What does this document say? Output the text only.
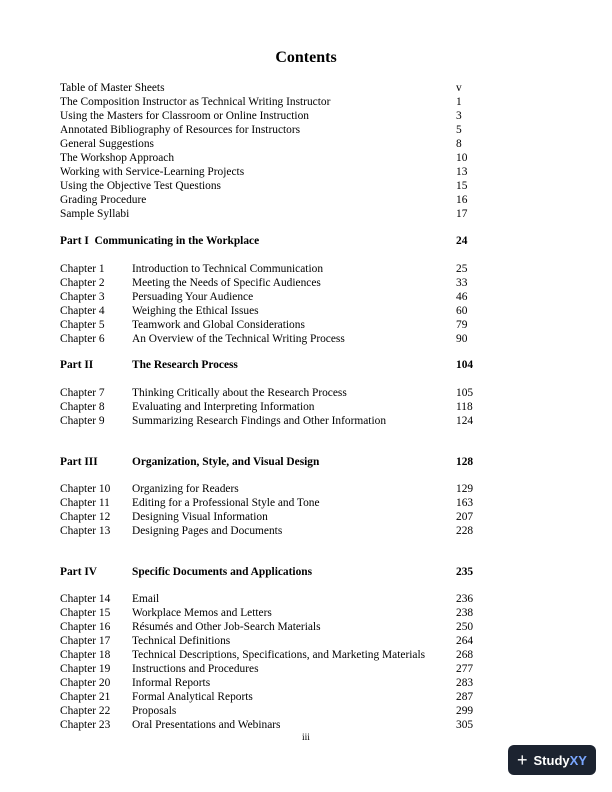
Contents
Table of Master Sheets	v
The Composition Instructor as Technical Writing Instructor	1
Using the Masters for Classroom or Online Instruction	3
Annotated Bibliography of Resources for Instructors	5
General Suggestions	8
The Workshop Approach	10
Working with Service-Learning Projects	13
Using the Objective Test Questions	15
Grading Procedure	16
Sample Syllabi	17
Part I Communicating in the Workplace	24
Chapter 1 Introduction to Technical Communication	25
Chapter 2 Meeting the Needs of Specific Audiences	33
Chapter 3 Persuading Your Audience	46
Chapter 4 Weighing the Ethical Issues	60
Chapter 5 Teamwork and Global Considerations	79
Chapter 6 An Overview of the Technical Writing Process	90
Part II	The Research Process	104
Chapter 7 Thinking Critically about the Research Process	105
Chapter 8 Evaluating and Interpreting Information	118
Chapter 9 Summarizing Research Findings and Other Information	124
Part III	Organization, Style, and Visual Design	128
Chapter 10 Organizing for Readers	129
Chapter 11 Editing for a Professional Style and Tone	163
Chapter 12 Designing Visual Information	207
Chapter 13 Designing Pages and Documents	228
Part IV	Specific Documents and Applications	235
Chapter 14 Email	236
Chapter 15 Workplace Memos and Letters	238
Chapter 16 Résumés and Other Job-Search Materials	250
Chapter 17 Technical Definitions	264
Chapter 18 Technical Descriptions, Specifications, and Marketing Materials	268
Chapter 19 Instructions and Procedures	277
Chapter 20 Informal Reports	283
Chapter 21 Formal Analytical Reports	287
Chapter 22 Proposals	299
Chapter 23 Oral Presentations and Webinars	305
iii
+ StudyXY
